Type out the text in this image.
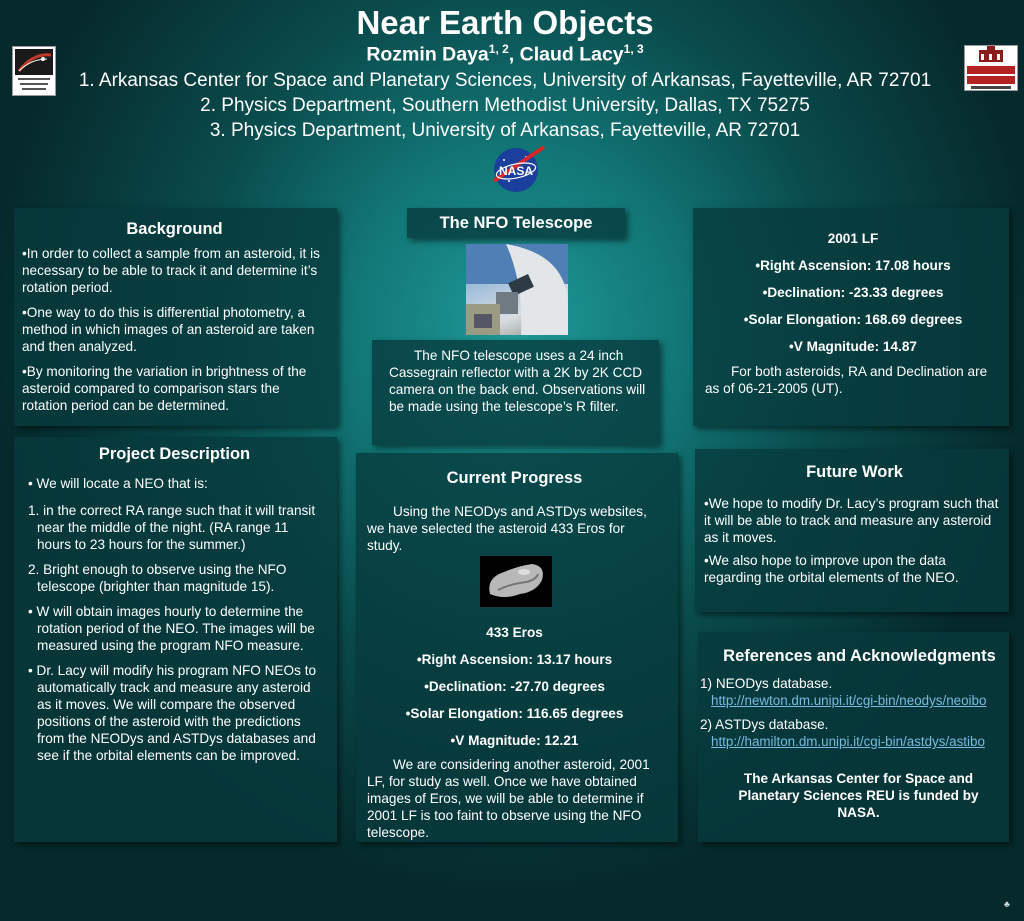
Near Earth Objects
Rozmin Daya$^{1, 2}$, Claud Lacy$^{1, 3}$
1. Arkansas Center for Space and Planetary Sciences, University of Arkansas, Fayetteville, AR 72701
2. Physics Department, Southern Methodist University, Dallas, TX 75275
3. Physics Department, University of Arkansas, Fayetteville, AR 72701
NASA
Background

•In order to collect a sample from an asteroid, it is necessary to be able to track it and determine it’s rotation period.

•One way to do this is differential photometry, a method in which images of an asteroid are taken and then analyzed.

•By monitoring the variation in brightness of the asteroid compared to comparison stars the rotation period can be determined.

Project Description

• We will locate a NEO that is:

1. in the correct RA range such that it will transit near the middle of the night. (RA range 11 hours to 23 hours for the summer.)

2. Bright enough to observe using the NFO telescope (brighter than magnitude 15).

• W will obtain images hourly to determine the rotation period of the NEO. The images will be measured using the program NFO measure.

• Dr. Lacy will modify his program NFO NEOs to automatically track and measure any asteroid as it moves. We will compare the observed positions of the asteroid with the predictions from the NEODys and ASTDys databases and see if the orbital elements can be improved.

The NFO Telescope

The NFO telescope uses a 24 inch Cassegrain reflector with a 2K by 2K CCD camera on the back end. Observations will be made using the telescope’s R filter.

2001 LF

•Right Ascension: 17.08 hours

•Declination: -23.33 degrees

•Solar Elongation: 168.69 degrees

•V Magnitude: 14.87

For both asteroids, RA and Declination are as of 06-21-2005 (UT).

Current Progress

Using the NEODys and ASTDys websites, we have selected the asteroid 433 Eros for study.

433 Eros

•Right Ascension: 13.17 hours

•Declination: -27.70 degrees

•Solar Elongation: 116.65 degrees

•V Magnitude: 12.21

We are considering another asteroid, 2001 LF, for study as well. Once we have obtained images of Eros, we will be able to determine if 2001 LF is too faint to observe using the NFO telescope.

Future Work

•We hope to modify Dr. Lacy’s program such that it will be able to track and measure any asteroid as it moves.

•We also hope to improve upon the data regarding the orbital elements of the NEO.

References and Acknowledgments

1) NEODys database.

http://newton.dm.unipi.it/cgi-bin/neodys/neoibo

2) ASTDys database.

http://hamilton.dm.unipi.it/cgi-bin/astdys/astibo

The Arkansas Center for Space and Planetary Sciences REU is funded by NASA.

♣
